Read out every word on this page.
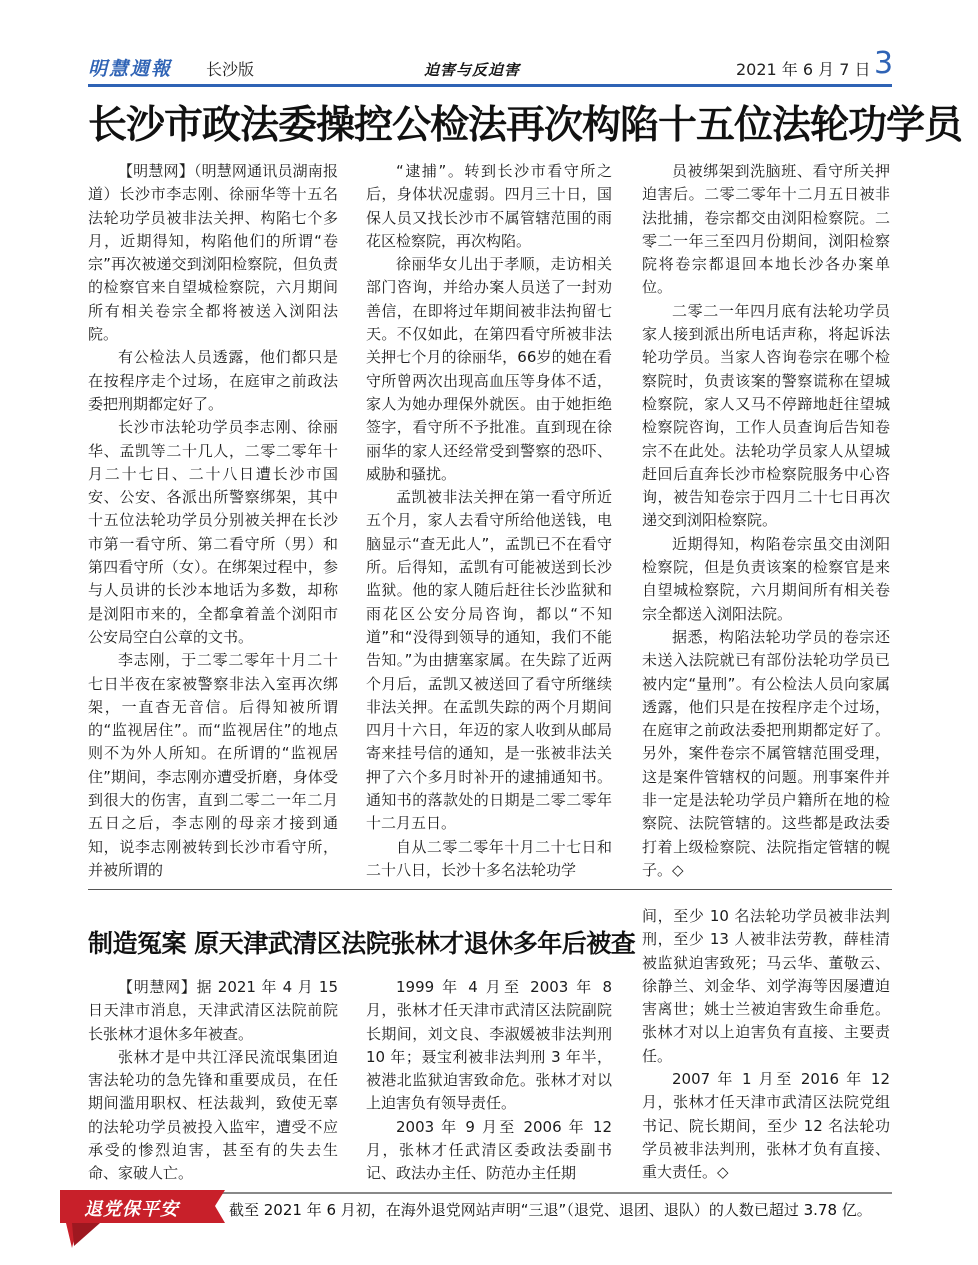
明慧週報 长沙版	迫害与反迫害	2021 年 6 月 7 日 3
长沙市政法委操控公检法再次构陷十五位法轮功学员

【明慧网】（明慧网通讯员湖南报道）长沙市李志刚、徐丽华等十五名法轮功学员被非法关押、构陷七个多月，近期得知，构陷他们的所谓“卷宗”再次被递交到浏阳检察院，但负责的检察官来自望城检察院，六月期间所有相关卷宗全都将被送入浏阳法院。

有公检法人员透露，他们都只是在按程序走个过场，在庭审之前政法委把刑期都定好了。

长沙市法轮功学员李志刚、徐丽华、孟凯等二十几人，二零二零年十月二十七日、二十八日遭长沙市国安、公安、各派出所警察绑架，其中十五位法轮功学员分别被关押在长沙市第一看守所、第二看守所（男）和第四看守所（女）。在绑架过程中，参与人员讲的长沙本地话为多数，却称是浏阳市来的，全都拿着盖个浏阳市公安局空白公章的文书。

李志刚，于二零二零年十月二十七日半夜在家被警察非法入室再次绑架，一直杳无音信。后得知被所谓的“监视居住”。而“监视居住”的地点则不为外人所知。在所谓的“监视居住”期间，李志刚亦遭受折磨，身体受到很大的伤害，直到二零二一年二月五日之后，李志刚的母亲才接到通知，说李志刚被转到长沙市看守所，并被所谓的

“逮捕”。转到长沙市看守所之后，身体状况虚弱。四月三十日，国保人员又找长沙市不属管辖范围的雨花区检察院，再次构陷。

徐丽华女儿出于孝顺，走访相关部门咨询，并给办案人员送了一封劝善信，在即将过年期间被非法拘留七天。不仅如此，在第四看守所被非法关押七个月的徐丽华，66岁的她在看守所曾两次出现高血压等身体不适，家人为她办理保外就医。由于她拒绝签字，看守所不予批准。直到现在徐丽华的家人还经常受到警察的恐吓、威胁和骚扰。

孟凯被非法关押在第一看守所近五个月，家人去看守所给他送钱，电脑显示“查无此人”，孟凯已不在看守所。后得知，孟凯有可能被送到长沙监狱。他的家人随后赶往长沙监狱和雨花区公安分局咨询，都以“不知道”和“没得到领导的通知，我们不能告知。”为由搪塞家属。在失踪了近两个月后，孟凯又被送回了看守所继续非法关押。在孟凯失踪的两个月期间四月十六日，年迈的家人收到从邮局寄来挂号信的通知，是一张被非法关押了六个多月时补开的逮捕通知书。通知书的落款处的日期是二零二零年十二月五日。

自从二零二零年十月二十七日和二十八日，长沙十多名法轮功学

员被绑架到洗脑班、看守所关押迫害后。二零二零年十二月五日被非法批捕，卷宗都交由浏阳检察院。二零二一年三至四月份期间，浏阳检察院将卷宗都退回本地长沙各办案单位。

二零二一年四月底有法轮功学员家人接到派出所电话声称，将起诉法轮功学员。当家人咨询卷宗在哪个检察院时，负责该案的警察谎称在望城检察院，家人又马不停蹄地赶往望城检察院咨询，工作人员查询后告知卷宗不在此处。法轮功学员家人从望城赶回后直奔长沙市检察院服务中心咨询，被告知卷宗于四月二十七日再次递交到浏阳检察院。

近期得知，构陷卷宗虽交由浏阳检察院，但是负责该案的检察官是来自望城检察院，六月期间所有相关卷宗全都送入浏阳法院。

据悉，构陷法轮功学员的卷宗还未送入法院就已有部份法轮功学员已被内定“量刑”。有公检法人员向家属透露，他们只是在按程序走个过场，在庭审之前政法委把刑期都定好了。另外，案件卷宗不属管辖范围受理，这是案件管辖权的问题。刑事案件并非一定是法轮功学员户籍所在地的检察院、法院管辖的。这些都是政法委打着上级检察院、法院指定管辖的幌子。◇

制造冤案 原天津武清区法院张林才退休多年后被查

【明慧网】据 2021 年 4 月 15 日天津市消息，天津武清区法院前院长张林才退休多年被查。

张林才是中共江泽民流氓集团迫害法轮功的急先锋和重要成员，在任期间滥用职权、枉法裁判，致使无辜的法轮功学员被投入监牢，遭受不应承受的惨烈迫害，甚至有的失去生命、家破人亡。

1999 年 4 月至 2003 年 8 月，张林才任天津市武清区法院副院长期间，刘文良、李淑媛被非法判刑 10 年；聂宝利被非法判刑 3 年半，被港北监狱迫害致命危。张林才对以上迫害负有领导责任。

2003 年 9 月至 2006 年 12 月，张林才任武清区委政法委副书记、政法办主任、防范办主任期

间，至少 10 名法轮功学员被非法判刑，至少 13 人被非法劳教，薛桂清被监狱迫害致死；马云华、董敬云、徐静兰、刘金华、刘学海等因屡遭迫害离世；姚士兰被迫害致生命垂危。张林才对以上迫害负有直接、主要责任。

2007 年 1 月至 2016 年 12 月，张林才任天津市武清区法院党组书记、院长期间，至少 12 名法轮功学员被非法判刑，张林才负有直接、重大责任。◇

退党保平安	截至 2021 年 6 月初，在海外退党网站声明“三退”（退党、退团、退队）的人数已超过 3.78 亿。
